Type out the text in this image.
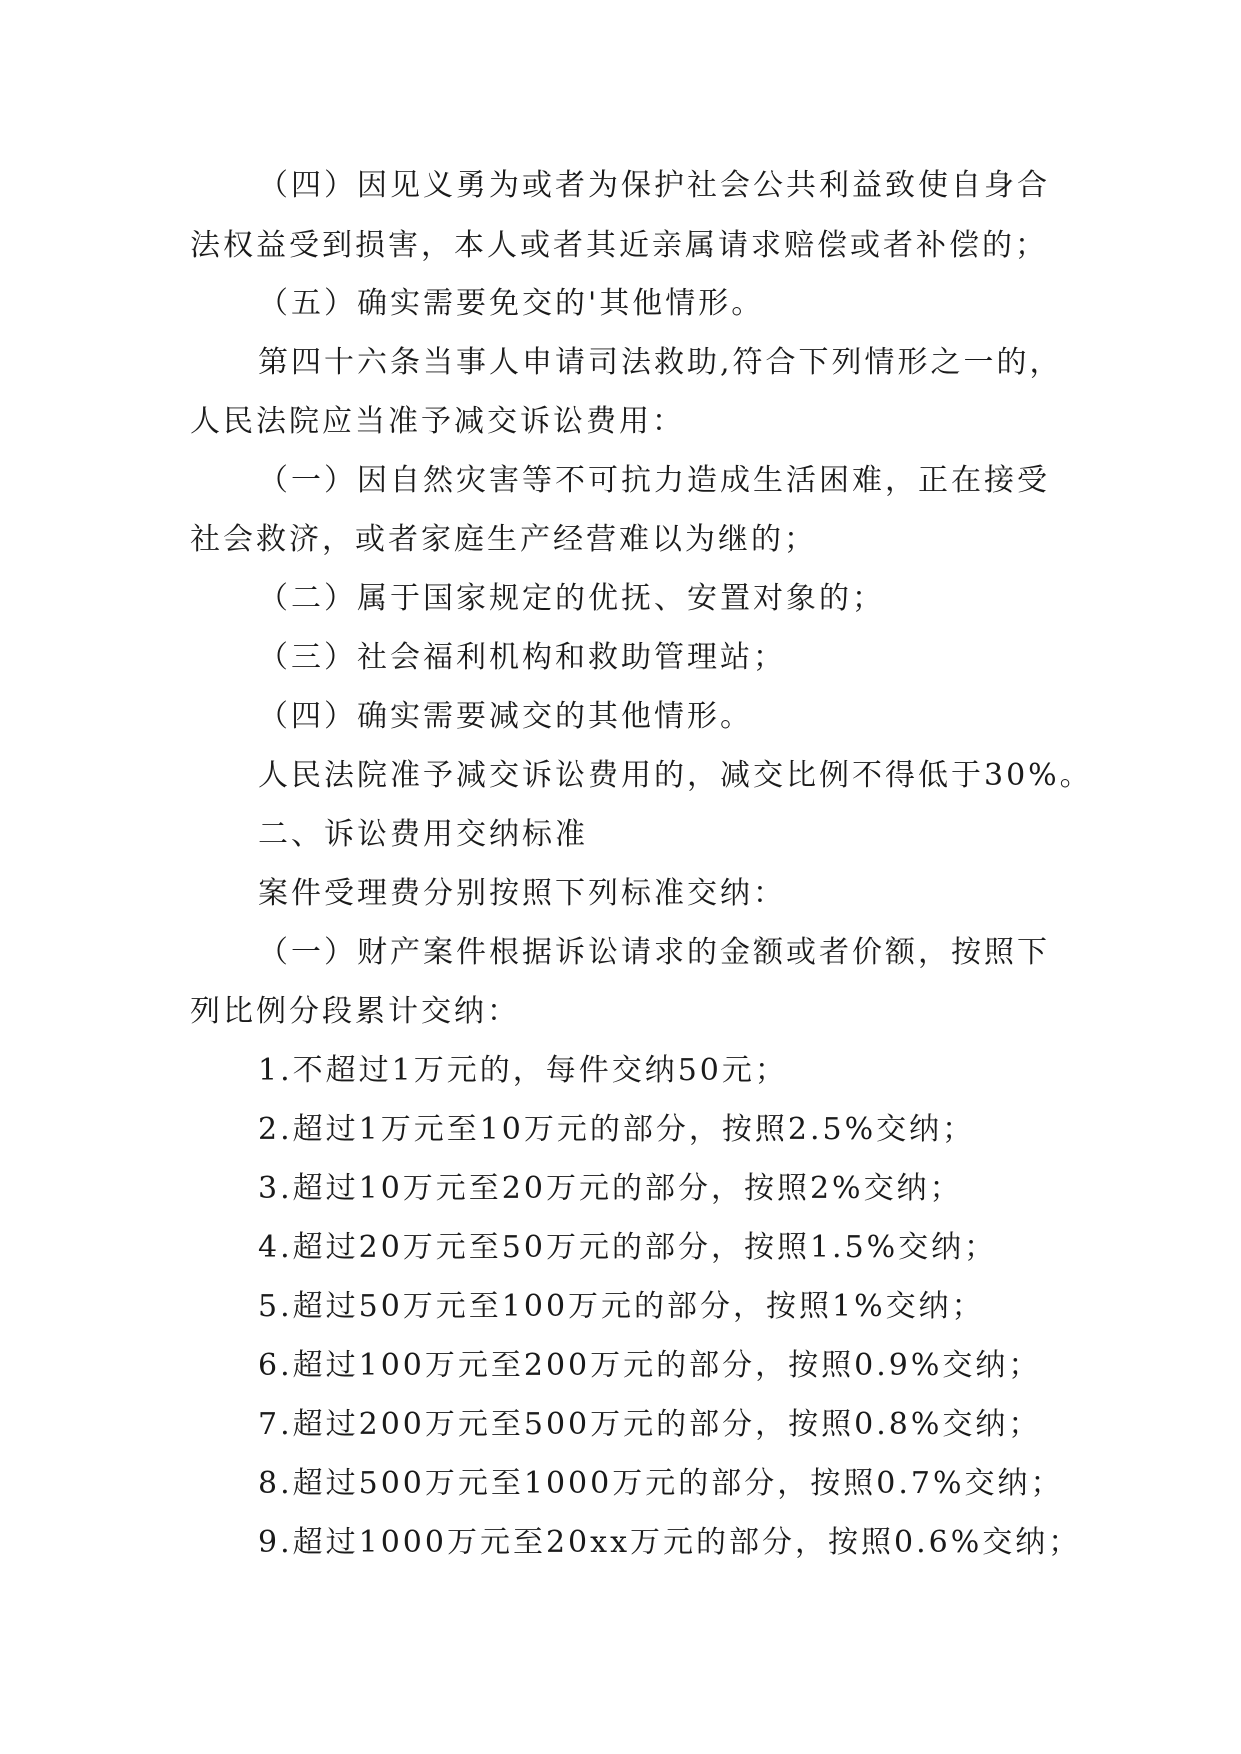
（四）因见义勇为或者为保护社会公共利益致使自身合
法权益受到损害，本人或者其近亲属请求赔偿或者补偿的；
（五）确实需要免交的'其他情形。
第四十六条当事人申请司法救助,符合下列情形之一的，
人民法院应当准予减交诉讼费用：
（一）因自然灾害等不可抗力造成生活困难，正在接受
社会救济，或者家庭生产经营难以为继的；
（二）属于国家规定的优抚、安置对象的；
（三）社会福利机构和救助管理站；
（四）确实需要减交的其他情形。
人民法院准予减交诉讼费用的，减交比例不得低于30%。
二、诉讼费用交纳标准
案件受理费分别按照下列标准交纳：
（一）财产案件根据诉讼请求的金额或者价额，按照下
列比例分段累计交纳：
1.不超过1万元的，每件交纳50元；
2.超过1万元至10万元的部分，按照2.5%交纳；
3.超过10万元至20万元的部分，按照2%交纳；
4.超过20万元至50万元的部分，按照1.5%交纳；
5.超过50万元至100万元的部分，按照1%交纳；
6.超过100万元至200万元的部分，按照0.9%交纳；
7.超过200万元至500万元的部分，按照0.8%交纳；
8.超过500万元至1000万元的部分，按照0.7%交纳；
9.超过1000万元至20xx万元的部分，按照0.6%交纳；
